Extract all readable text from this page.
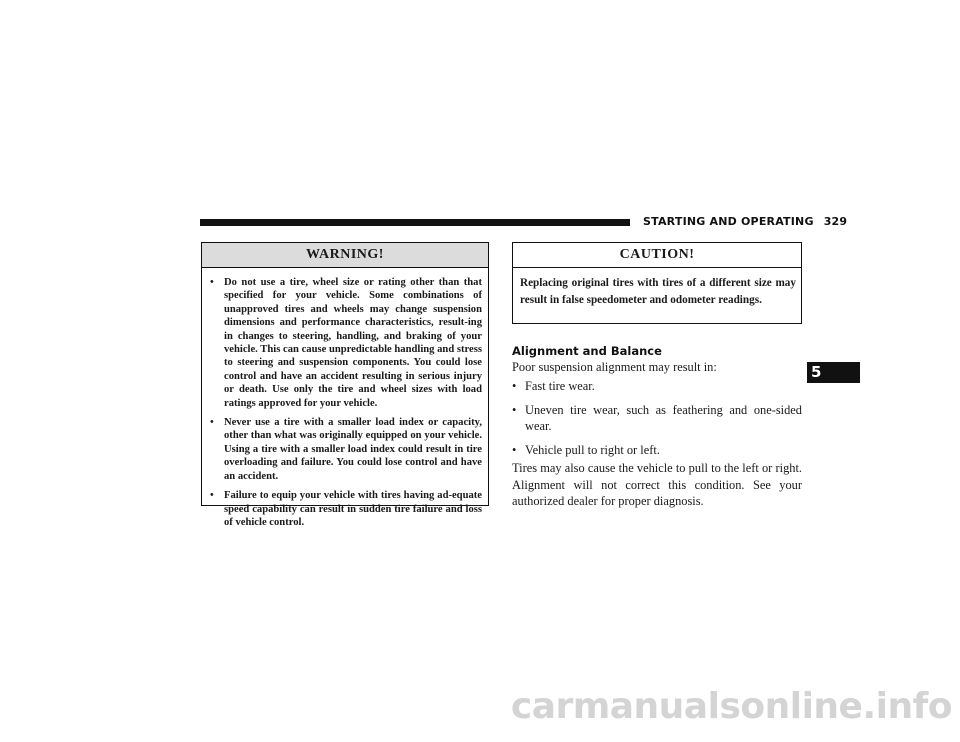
STARTING AND OPERATING 329
WARNING!
• Do not use a tire, wheel size or rating other than that specified for your vehicle. Some combinations of unapproved tires and wheels may change suspension dimensions and performance characteristics, result-ing in changes to steering, handling, and braking of your vehicle. This can cause unpredictable handling and stress to steering and suspension components. You could lose control and have an accident resulting in serious injury or death. Use only the tire and wheel sizes with load ratings approved for your vehicle.
• Never use a tire with a smaller load index or capacity, other than what was originally equipped on your vehicle. Using a tire with a smaller load index could result in tire overloading and failure. You could lose control and have an accident.
• Failure to equip your vehicle with tires having ad-equate speed capability can result in sudden tire failure and loss of vehicle control.
CAUTION!
Replacing original tires with tires of a different size may result in false speedometer and odometer readings.
Alignment and Balance
Poor suspension alignment may result in:
• Fast tire wear.
• Uneven tire wear, such as feathering and one-sided wear.
• Vehicle pull to right or left.
Tires may also cause the vehicle to pull to the left or right. Alignment will not correct this condition. See your authorized dealer for proper diagnosis.
5
carmanualsonline.info
